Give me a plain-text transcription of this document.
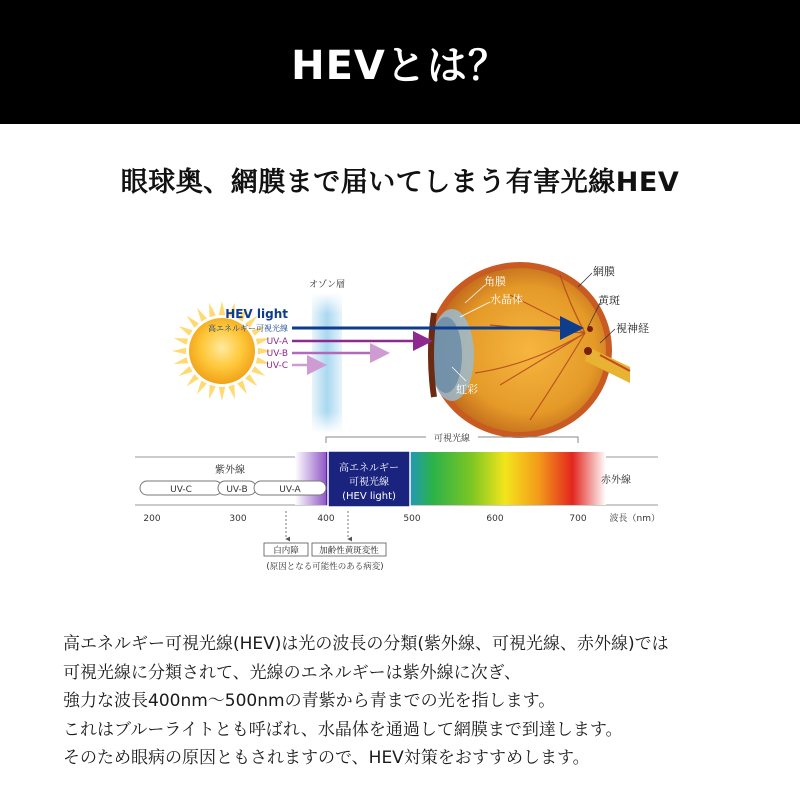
HEVとは？
眼球奥、網膜まで届いてしまう有害光線HEV
オゾン層
HEV light
高エネルギー可視光線
UV-A
UV-B
UV-C
角膜
水晶体
虹彩
網膜
黄斑
視神経
可視光線
高エネルギー
可視光線
(HEV light)
紫外線
赤外線
UV-C	UV-B	UV-A
200	300	400	500	600	700	波長（nm）
白内障 加齢性黄斑変性
(原因となる可能性のある病変)

高エネルギー可視光線(HEV)は光の波長の分類(紫外線、可視光線、赤外線)では

可視光線に分類されて、光線のエネルギーは紫外線に次ぎ、

強力な波長400nm～500nmの青紫から青までの光を指します。

これはブルーライトとも呼ばれ、水晶体を通過して網膜まで到達します。

そのため眼病の原因ともされますので、HEV対策をおすすめします。
